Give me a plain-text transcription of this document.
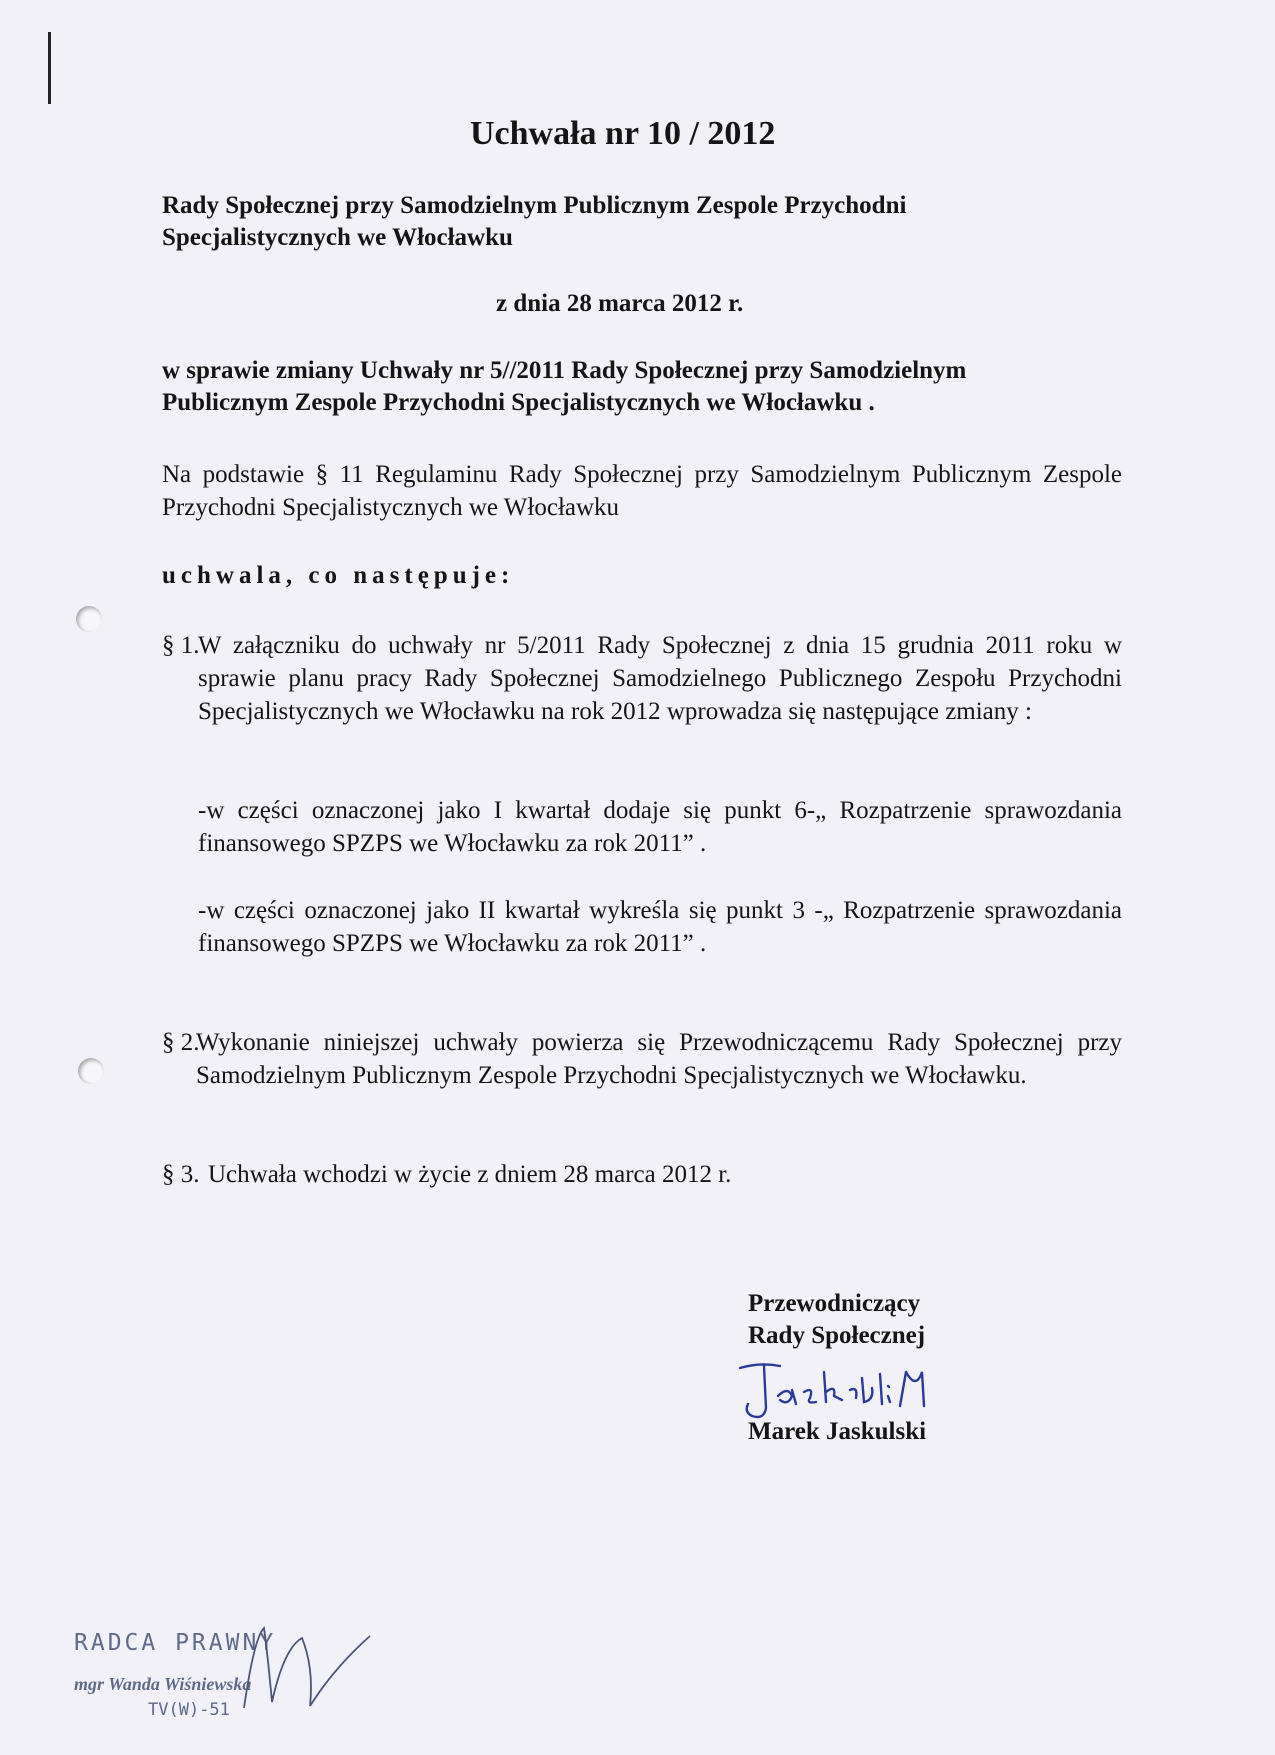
Uchwała nr 10 / 2012

Rady Społecznej przy Samodzielnym Publicznym Zespole Przychodni

Specjalistycznych we Włocławku

z dnia 28 marca 2012 r.

w sprawie zmiany Uchwały nr 5//2011 Rady Społecznej przy Samodzielnym

Publicznym Zespole Przychodni Specjalistycznych we Włocławku .

Na podstawie § 11 Regulaminu Rady Społecznej przy Samodzielnym Publicznym Zespole Przychodni Specjalistycznych we Włocławku

uchwala, co następuje:

§ 1.
W załączniku do uchwały nr 5/2011 Rady Społecznej z dnia 15 grudnia 2011 roku w sprawie planu pracy Rady Społecznej Samodzielnego Publicznego Zespołu Przychodni Specjalistycznych we Włocławku na rok 2012 wprowadza się następujące zmiany :

-w części oznaczonej jako I kwartał dodaje się punkt 6-„ Rozpatrzenie sprawozdania finansowego SPZPS we Włocławku za rok 2011” .

-w części oznaczonej jako II kwartał wykreśla się punkt 3 -„ Rozpatrzenie sprawozdania finansowego SPZPS we Włocławku za rok 2011” .

§ 2.
Wykonanie niniejszej uchwały powierza się Przewodniczącemu Rady Społecznej przy Samodzielnym Publicznym Zespole Przychodni Specjalistycznych we Włocławku.
§ 3. Uchwała wchodzi w życie z dniem 28 marca 2012 r.

Przewodniczący

Rady Społecznej

Marek Jaskulski

RADCA PRAWNY
mgr Wanda Wiśniewska
TV(W)-51
